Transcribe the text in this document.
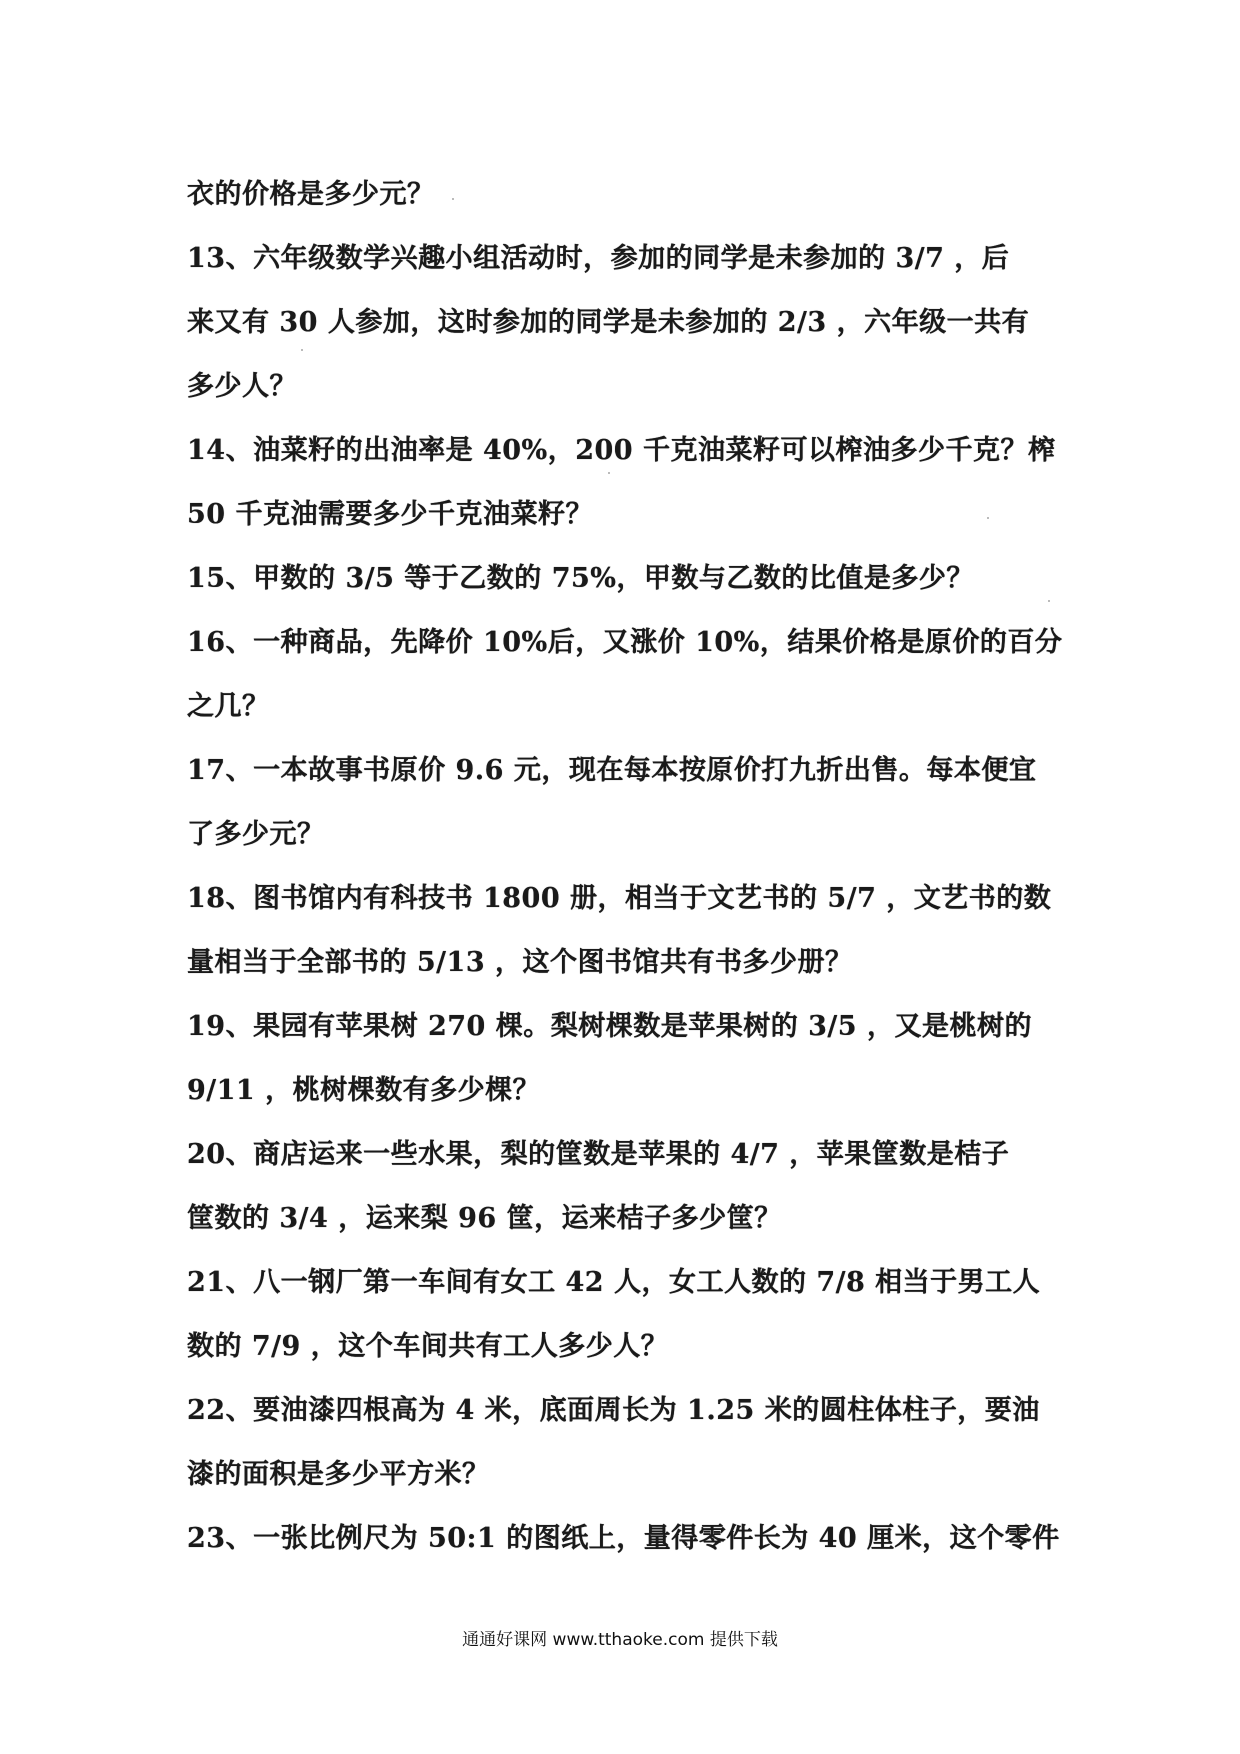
衣的价格是多少元？
13、六年级数学兴趣小组活动时，参加的同学是未参加的 3/7 ，后
来又有 30 人参加，这时参加的同学是未参加的 2/3 ，六年级一共有
多少人？
14、油菜籽的出油率是 40%，200 千克油菜籽可以榨油多少千克？榨
50 千克油需要多少千克油菜籽？
15、甲数的 3/5 等于乙数的 75%，甲数与乙数的比值是多少？
16、一种商品，先降价 10%后，又涨价 10%，结果价格是原价的百分
之几？
17、一本故事书原价 9.6 元，现在每本按原价打九折出售。每本便宜
了多少元？
18、图书馆内有科技书 1800 册，相当于文艺书的 5/7 ，文艺书的数
量相当于全部书的 5/13 ，这个图书馆共有书多少册？
19、果园有苹果树 270 棵。梨树棵数是苹果树的 3/5 ，又是桃树的
9/11 ，桃树棵数有多少棵？
20、商店运来一些水果，梨的筐数是苹果的 4/7 ，苹果筐数是桔子
筐数的 3/4 ，运来梨 96 筐，运来桔子多少筐？
21、八一钢厂第一车间有女工 42 人，女工人数的 7/8 相当于男工人
数的 7/9 ，这个车间共有工人多少人？
22、要油漆四根高为 4 米，底面周长为 1.25 米的圆柱体柱子，要油
漆的面积是多少平方米？
23、一张比例尺为 50:1 的图纸上，量得零件长为 40 厘米，这个零件
通通好课网 www.tthaoke.com 提供下载
